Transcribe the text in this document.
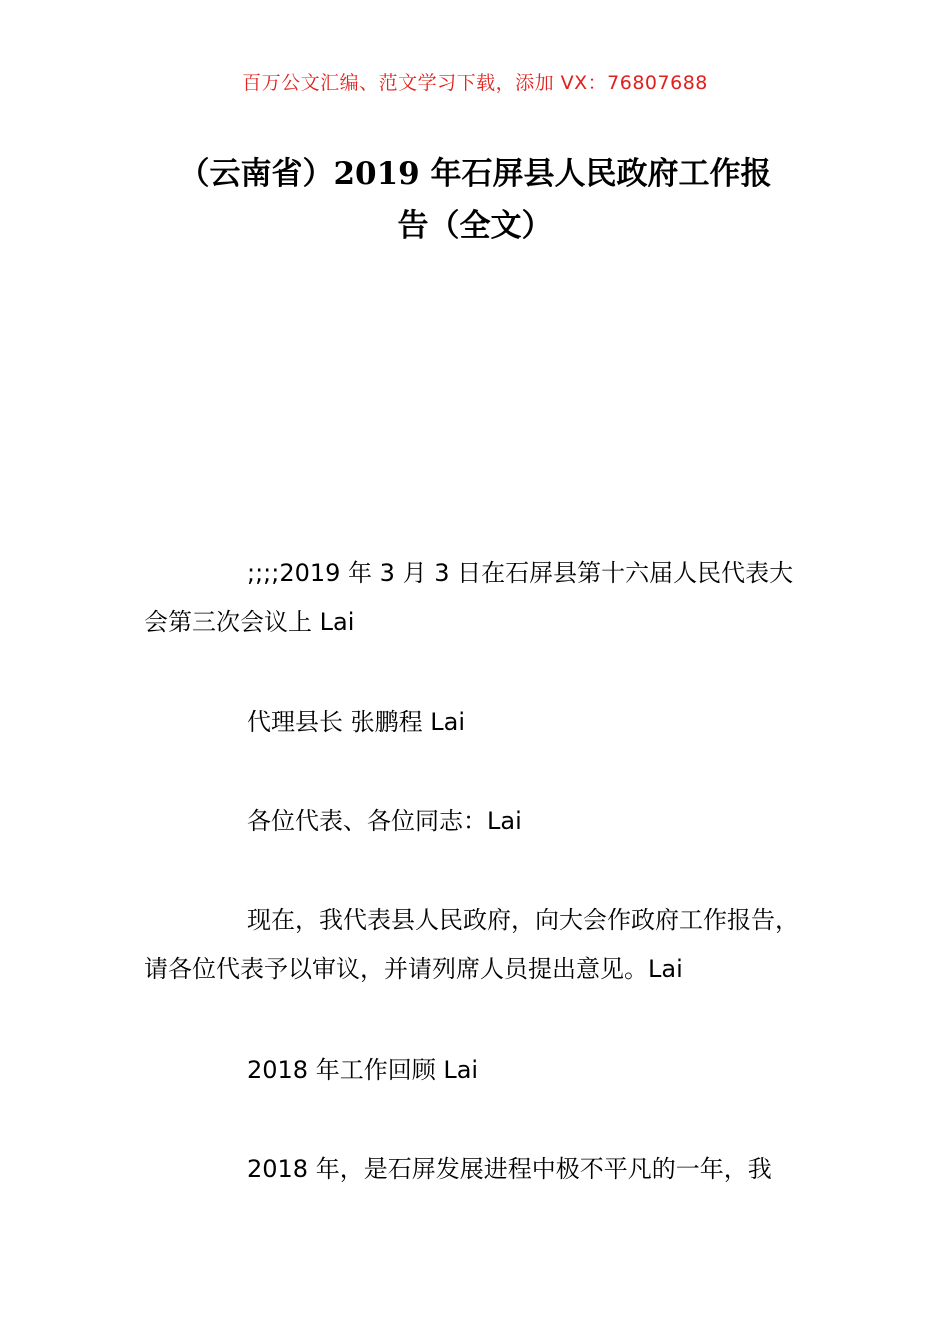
百万公文汇编、范文学习下载，添加 VX：76807688
（云南省）2019 年石屏县人民政府工作报
告（全文）

;;;;2019 年 3 月 3 日在石屏县第十六届人民代表大会第三次会议上 Lai

代理县长 张鹏程 Lai

各位代表、各位同志：Lai

现在，我代表县人民政府，向大会作政府工作报告，请各位代表予以审议，并请列席人员提出意见。Lai

2018 年工作回顾 Lai

2018 年，是石屏发展进程中极不平凡的一年，我
